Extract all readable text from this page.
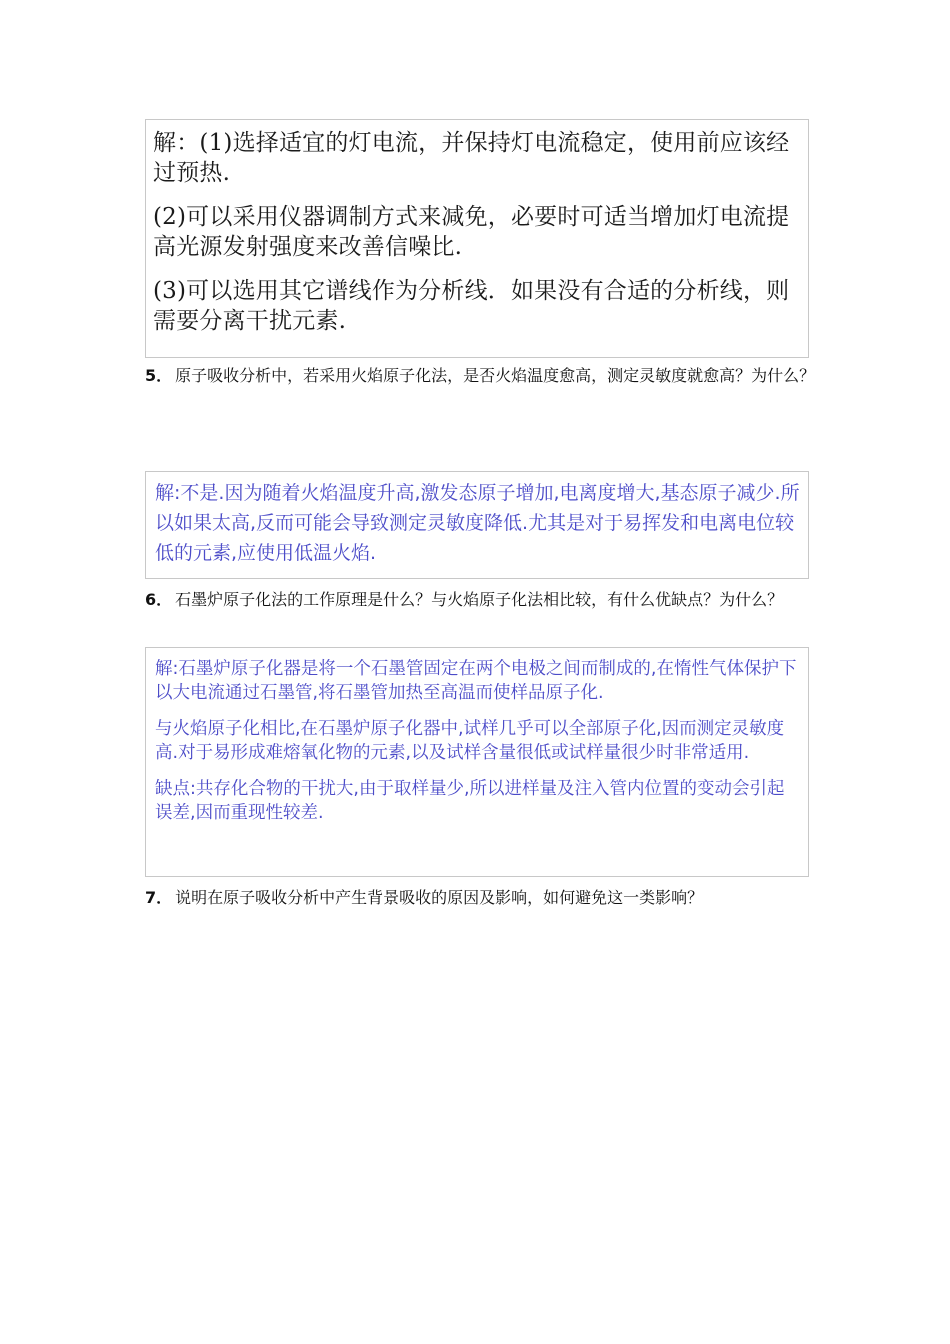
解：(1)选择适宜的灯电流，并保持灯电流稳定，使用前应该经过预热.

(2)可以采用仪器调制方式来减免，必要时可适当增加灯电流提高光源发射强度来改善信噪比.

(3)可以选用其它谱线作为分析线．如果没有合适的分析线，则需要分离干扰元素.

5． 原子吸收分析中，若采用火焰原子化法，是否火焰温度愈高，测定灵敏度就愈高？为什么？

解:不是.因为随着火焰温度升高,激发态原子增加,电离度增大,基态原子减少.所以如果太高,反而可能会导致测定灵敏度降低.尤其是对于易挥发和电离电位较低的元素,应使用低温火焰.

6． 石墨炉原子化法的工作原理是什么？与火焰原子化法相比较，有什么优缺点？为什么？

解:石墨炉原子化器是将一个石墨管固定在两个电极之间而制成的,在惰性气体保护下以大电流通过石墨管,将石墨管加热至高温而使样品原子化.

与火焰原子化相比,在石墨炉原子化器中,试样几乎可以全部原子化,因而测定灵敏度高.对于易形成难熔氧化物的元素,以及试样含量很低或试样量很少时非常适用.

缺点:共存化合物的干扰大,由于取样量少,所以进样量及注入管内位置的变动会引起误差,因而重现性较差.

7． 说明在原子吸收分析中产生背景吸收的原因及影响，如何避免这一类影响？
